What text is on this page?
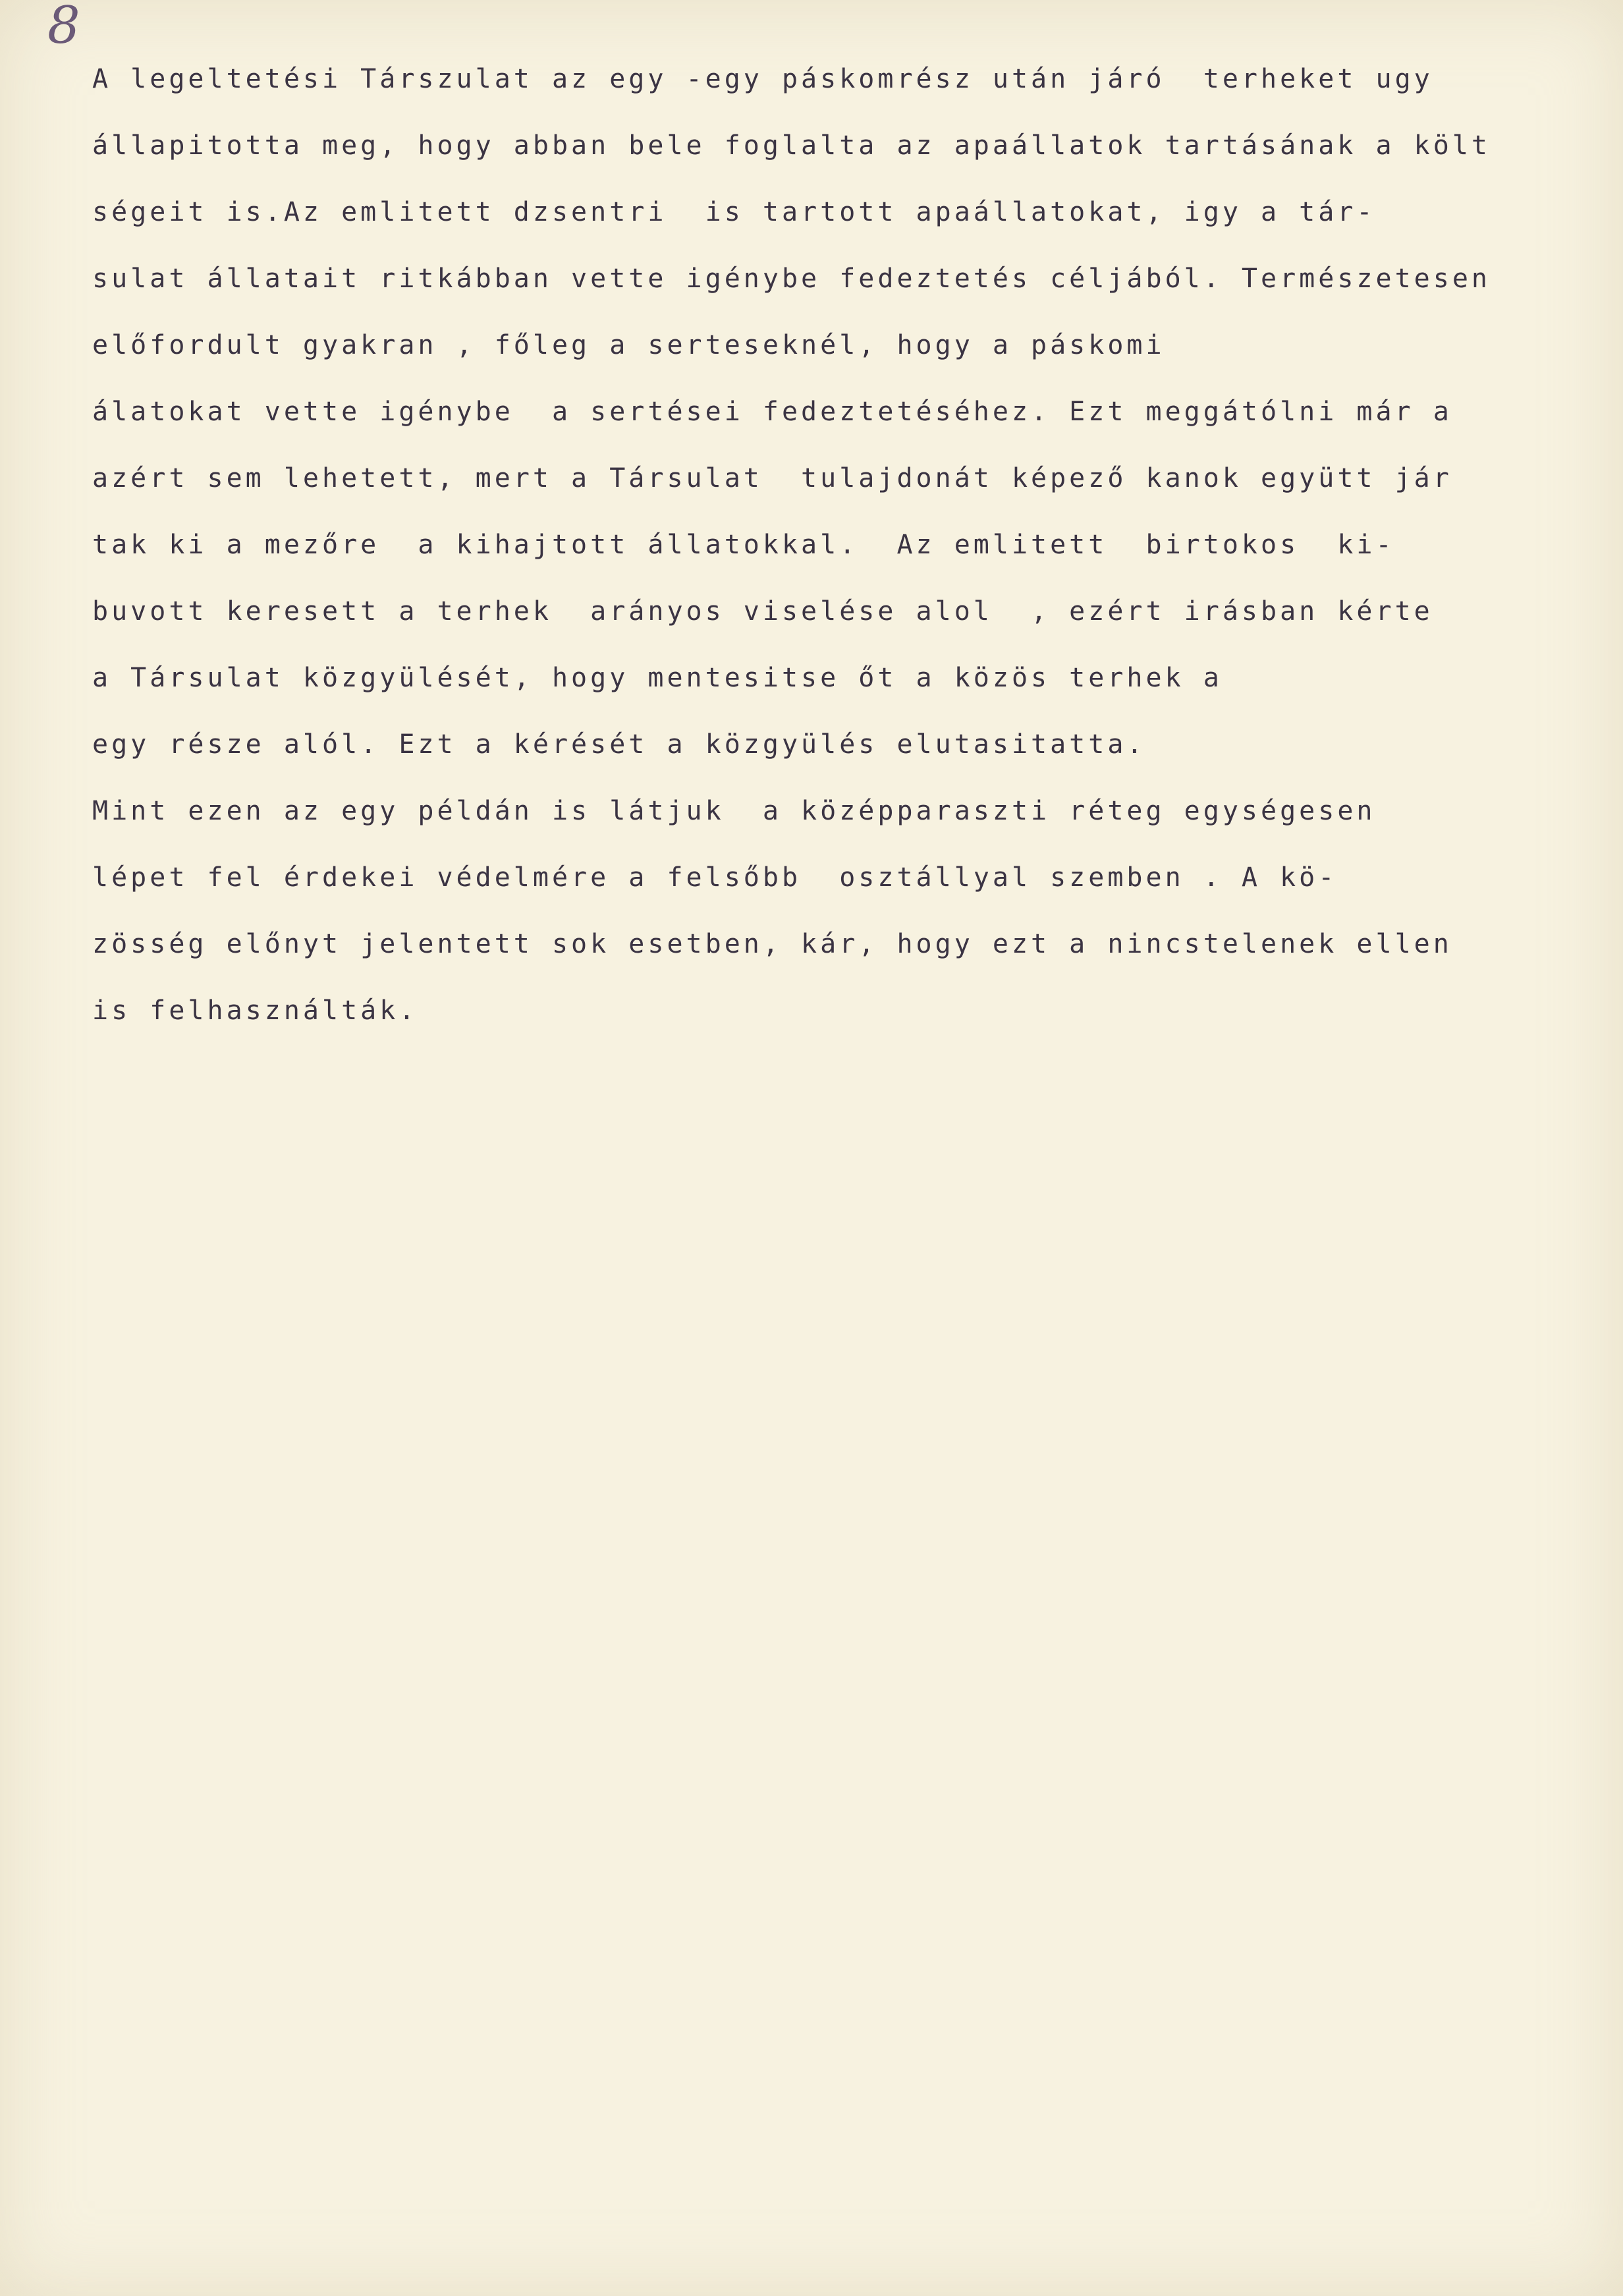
8
A legeltetési Társzulat az egy -egy páskomrész után járó  terheket ugy
állapitotta meg, hogy abban bele foglalta az apaállatok tartásának a költ
ségeit is.Az emlitett dzsentri  is tartott apaállatokat, igy a tár-
sulat állatait ritkábban vette igénybe fedeztetés céljából. Természetesen
előfordult gyakran , főleg a serteseknél, hogy a páskomi
álatokat vette igénybe  a sertései fedeztetéséhez. Ezt meggátólni már a
azért sem lehetett, mert a Társulat  tulajdonát képező kanok együtt jár
tak ki a mezőre  a kihajtott állatokkal.  Az emlitett  birtokos  ki-
buvott keresett a terhek  arányos viselése alol  , ezért irásban kérte
a Társulat közgyülését, hogy mentesitse őt a közös terhek a
egy része alól. Ezt a kérését a közgyülés elutasitatta.
Mint ezen az egy példán is látjuk  a középparaszti réteg egységesen
lépet fel érdekei védelmére a felsőbb  osztállyal szemben . A kö-
zösség előnyt jelentett sok esetben, kár, hogy ezt a nincstelenek ellen
is felhasználták.
